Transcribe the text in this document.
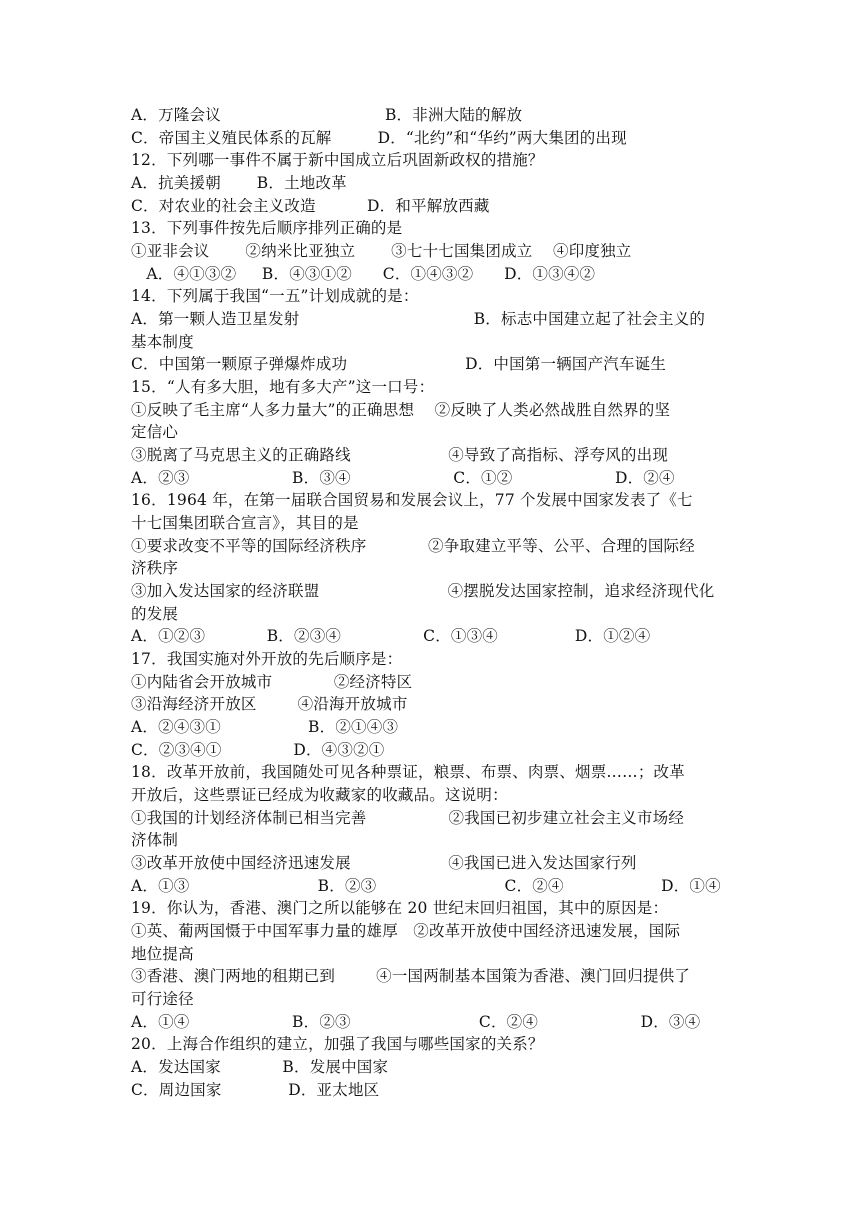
A．万隆会议                                B．非洲大陆的解放
C．帝国主义殖民体系的瓦解         D．“北约”和“华约”两大集团的出现
12．下列哪一事件不属于新中国成立后巩固新政权的措施？
A．抗美援朝       B．土地改革
C．对农业的社会主义改造          D．和平解放西藏
13．下列事件按先后顺序排列正确的是
①亚非会议       ②纳米比亚独立       ③七十七国集团成立    ④印度独立
A．④①③②     B．④③①②      C．①④③②      D．①③④②
14．下列属于我国“一五”计划成就的是：
A．第一颗人造卫星发射                                  B．标志中国建立起了社会主义的
基本制度
C．中国第一颗原子弹爆炸成功                       D．中国第一辆国产汽车诞生
15．“人有多大胆，地有多大产”这一口号：
①反映了毛主席“人多力量大”的正确思想    ②反映了人类必然战胜自然界的坚
定信心
③脱离了马克思主义的正确路线                   ④导致了高指标、浮夸风的出现
A．②③                    B．③④                    C．①②                    D．②④
16．1964 年，在第一届联合国贸易和发展会议上，77 个发展中国家发表了《七
十七国集团联合宣言》，其目的是
①要求改变不平等的国际经济秩序            ②争取建立平等、公平、合理的国际经
济秩序
③加入发达国家的经济联盟                         ④摆脱发达国家控制，追求经济现代化
的发展
A．①②③            B．②③④                C．①③④               D．①②④
17．我国实施对外开放的先后顺序是：
①内陆省会开放城市            ②经济特区
③沿海经济开放区        ④沿海开放城市
A．②④③①                 B．②①④③
C．②③④①              D．④③②①
18．改革开放前，我国随处可见各种票证，粮票、布票、肉票、烟票……；改革
开放后，这些票证已经成为收藏家的收藏品。这说明：
①我国的计划经济体制已相当完善                ②我国已初步建立社会主义市场经
济体制
③改革开放使中国经济迅速发展                   ④我国已进入发达国家行列
A．①③                         B．②③                         C．②④                   D．①④
19．你认为，香港、澳门之所以能够在 20 世纪末回归祖国，其中的原因是：
①英、葡两国慑于中国军事力量的雄厚   ②改革开放使中国经济迅速发展，国际
地位提高
③香港、澳门两地的租期已到        ④一国两制基本国策为香港、澳门回归提供了
可行途径
A．①④                    B．②③                         C．②④                    D．③④
20．上海合作组织的建立，加强了我国与哪些国家的关系？
A．发达国家            B．发展中国家
C．周边国家             D．亚太地区
